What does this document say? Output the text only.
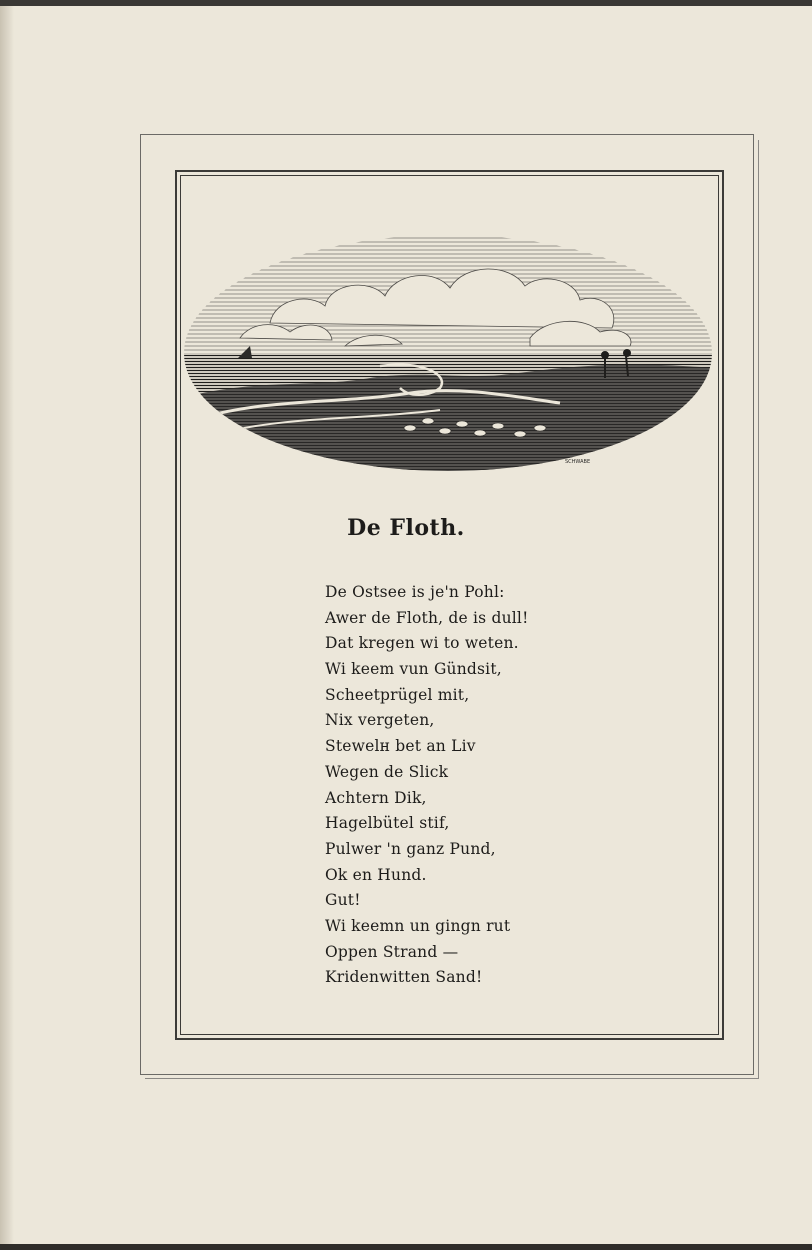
SCHWABE
De Floth.
De Ostsee is je'n Pohl:
Awer de Floth, de is dull!
Dat kregen wi to weten.
Wi keem vun Gündsit,
Scheetprügel mit,
Nix vergeten,
Stewelн bet an Liv
Wegen de Slick
Achtern Dik,
Hagelbütel stif,
Pulwer 'n ganz Pund,
Ok en Hund.
Gut!
Wi keemn un gingn rut
Oppen Strand —
Kridenwitten Sand!
